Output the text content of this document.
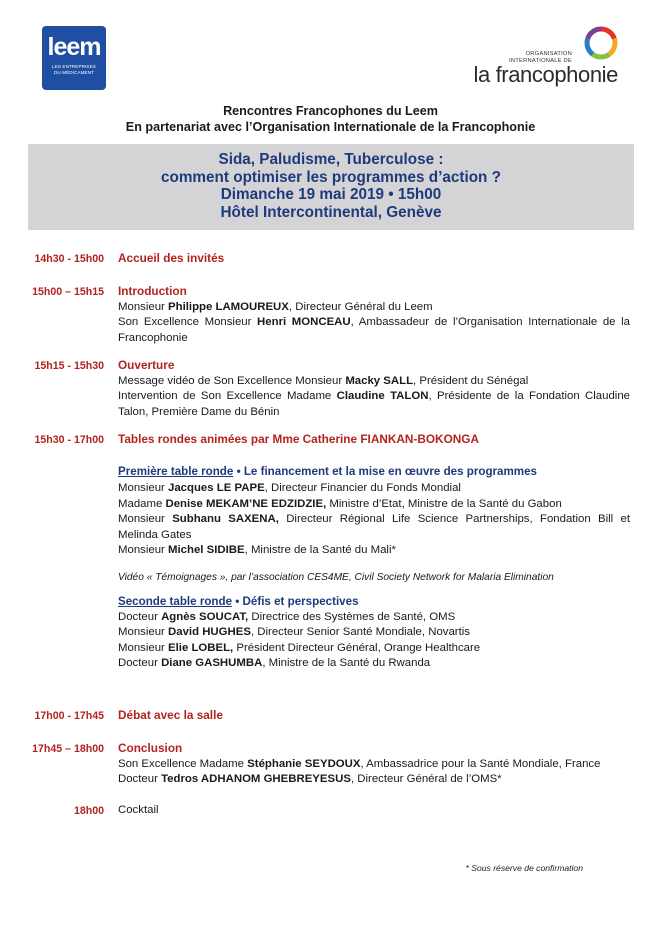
leem
LES ENTREPRISES
DU MÉDICAMENT
ORGANISATION
INTERNATIONALE DE
la francophonie
Rencontres Francophones du Leem
En partenariat avec l’Organisation Internationale de la Francophonie
Sida, Paludisme, Tuberculose :
comment optimiser les programmes d’action ?
Dimanche 19 mai 2019 • 15h00
Hôtel Intercontinental, Genève
14h30 - 15h00 Accueil des invités
15h00 – 15h15 Introduction
Monsieur Philippe LAMOUREUX, Directeur Général du Leem
Son Excellence Monsieur Henri MONCEAU, Ambassadeur de l’Organisation Internationale de la Francophonie
15h15 - 15h30 Ouverture
Message vidéo de Son Excellence Monsieur Macky SALL, Président du Sénégal
Intervention de Son Excellence Madame Claudine TALON, Présidente de la Fondation Claudine Talon, Première Dame du Bénin
15h30 - 17h00 Tables rondes animées par Mme Catherine FIANKAN-BOKONGA
Première table ronde • Le financement et la mise en œuvre des programmes
Monsieur Jacques LE PAPE, Directeur Financier du Fonds Mondial
Madame Denise MEKAM’NE EDZIDZIE, Ministre d’Etat, Ministre de la Santé du Gabon
Monsieur Subhanu SAXENA, Directeur Régional Life Science Partnerships, Fondation Bill et Melinda Gates
Monsieur Michel SIDIBE, Ministre de la Santé du Mali*
Vidéo « Témoignages », par l’association CES4ME, Civil Society Network for Malaria Elimination
Seconde table ronde • Défis et perspectives
Docteur Agnès SOUCAT, Directrice des Systèmes de Santé, OMS
Monsieur David HUGHES, Directeur Senior Santé Mondiale, Novartis
Monsieur Elie LOBEL, Président Directeur Général, Orange Healthcare
Docteur Diane GASHUMBA, Ministre de la Santé du Rwanda
17h00 - 17h45 Débat avec la salle
17h45 – 18h00 Conclusion
Son Excellence Madame Stéphanie SEYDOUX, Ambassadrice pour la Santé Mondiale, France
Docteur Tedros ADHANOM GHEBREYESUS, Directeur Général de l’OMS*
18h00 Cocktail
* Sous réserve de confirmation
